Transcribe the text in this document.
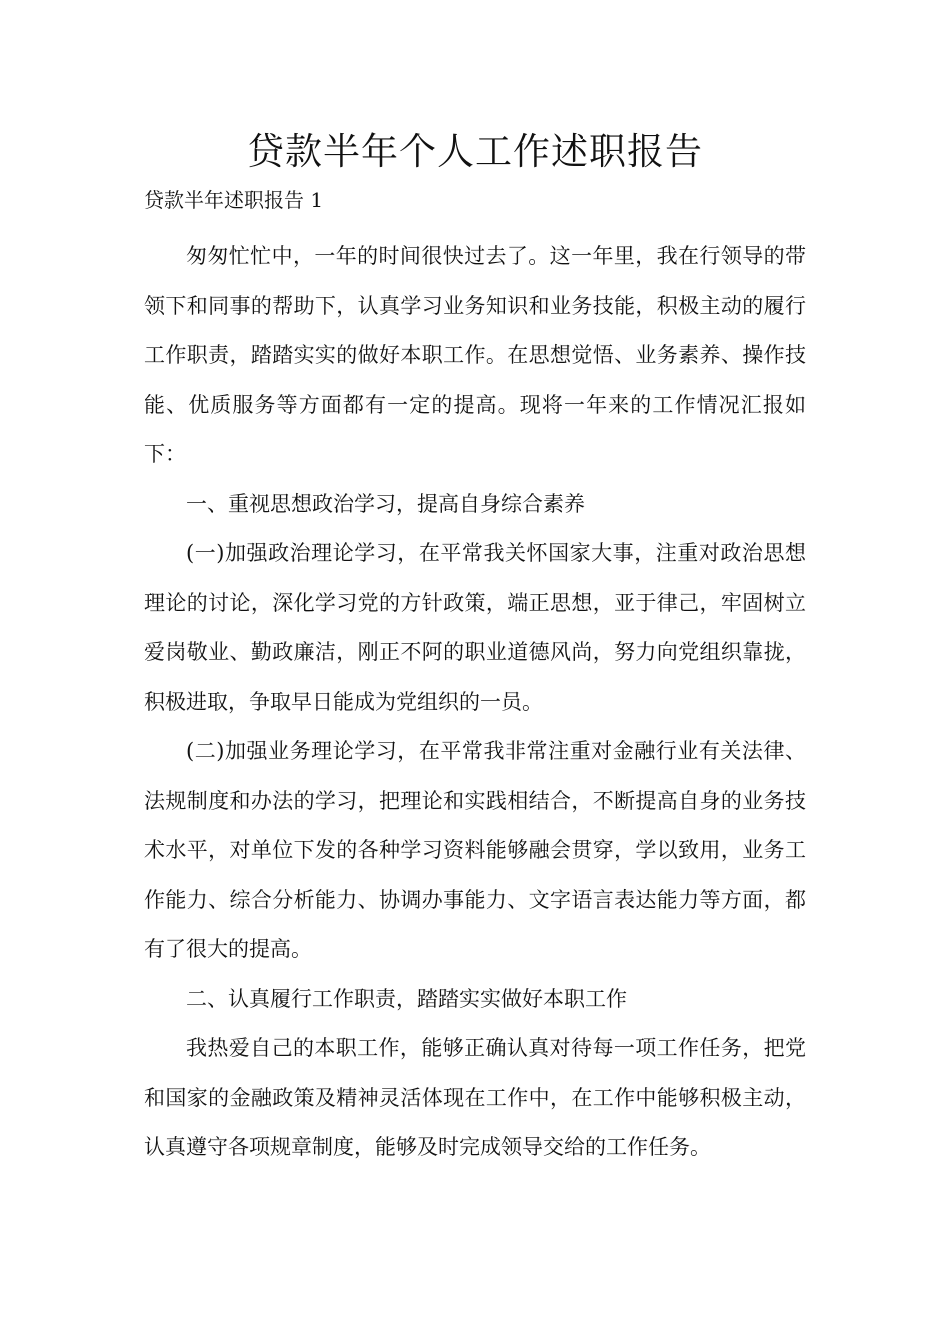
贷款半年个人工作述职报告
贷款半年述职报告 1

匆匆忙忙中，一年的时间很快过去了。这一年里，我在行领导的带领下和同事的帮助下，认真学习业务知识和业务技能，积极主动的履行工作职责，踏踏实实的做好本职工作。在思想觉悟、业务素养、操作技能、优质服务等方面都有一定的提高。现将一年来的工作情况汇报如下：

一、重视思想政治学习，提高自身综合素养

(一)加强政治理论学习，在平常我关怀国家大事，注重对政治思想理论的讨论，深化学习党的方针政策，端正思想，亚于律己，牢固树立爱岗敬业、勤政廉洁，刚正不阿的职业道德风尚，努力向党组织靠拢，积极进取，争取早日能成为党组织的一员。

(二)加强业务理论学习，在平常我非常注重对金融行业有关法律、法规制度和办法的学习，把理论和实践相结合，不断提高自身的业务技术水平，对单位下发的各种学习资料能够融会贯穿，学以致用，业务工作能力、综合分析能力、协调办事能力、文字语言表达能力等方面，都有了很大的提高。

二、认真履行工作职责，踏踏实实做好本职工作

我热爱自己的本职工作，能够正确认真对待每一项工作任务，把党和国家的金融政策及精神灵活体现在工作中，在工作中能够积极主动，认真遵守各项规章制度，能够及时完成领导交给的工作任务。
